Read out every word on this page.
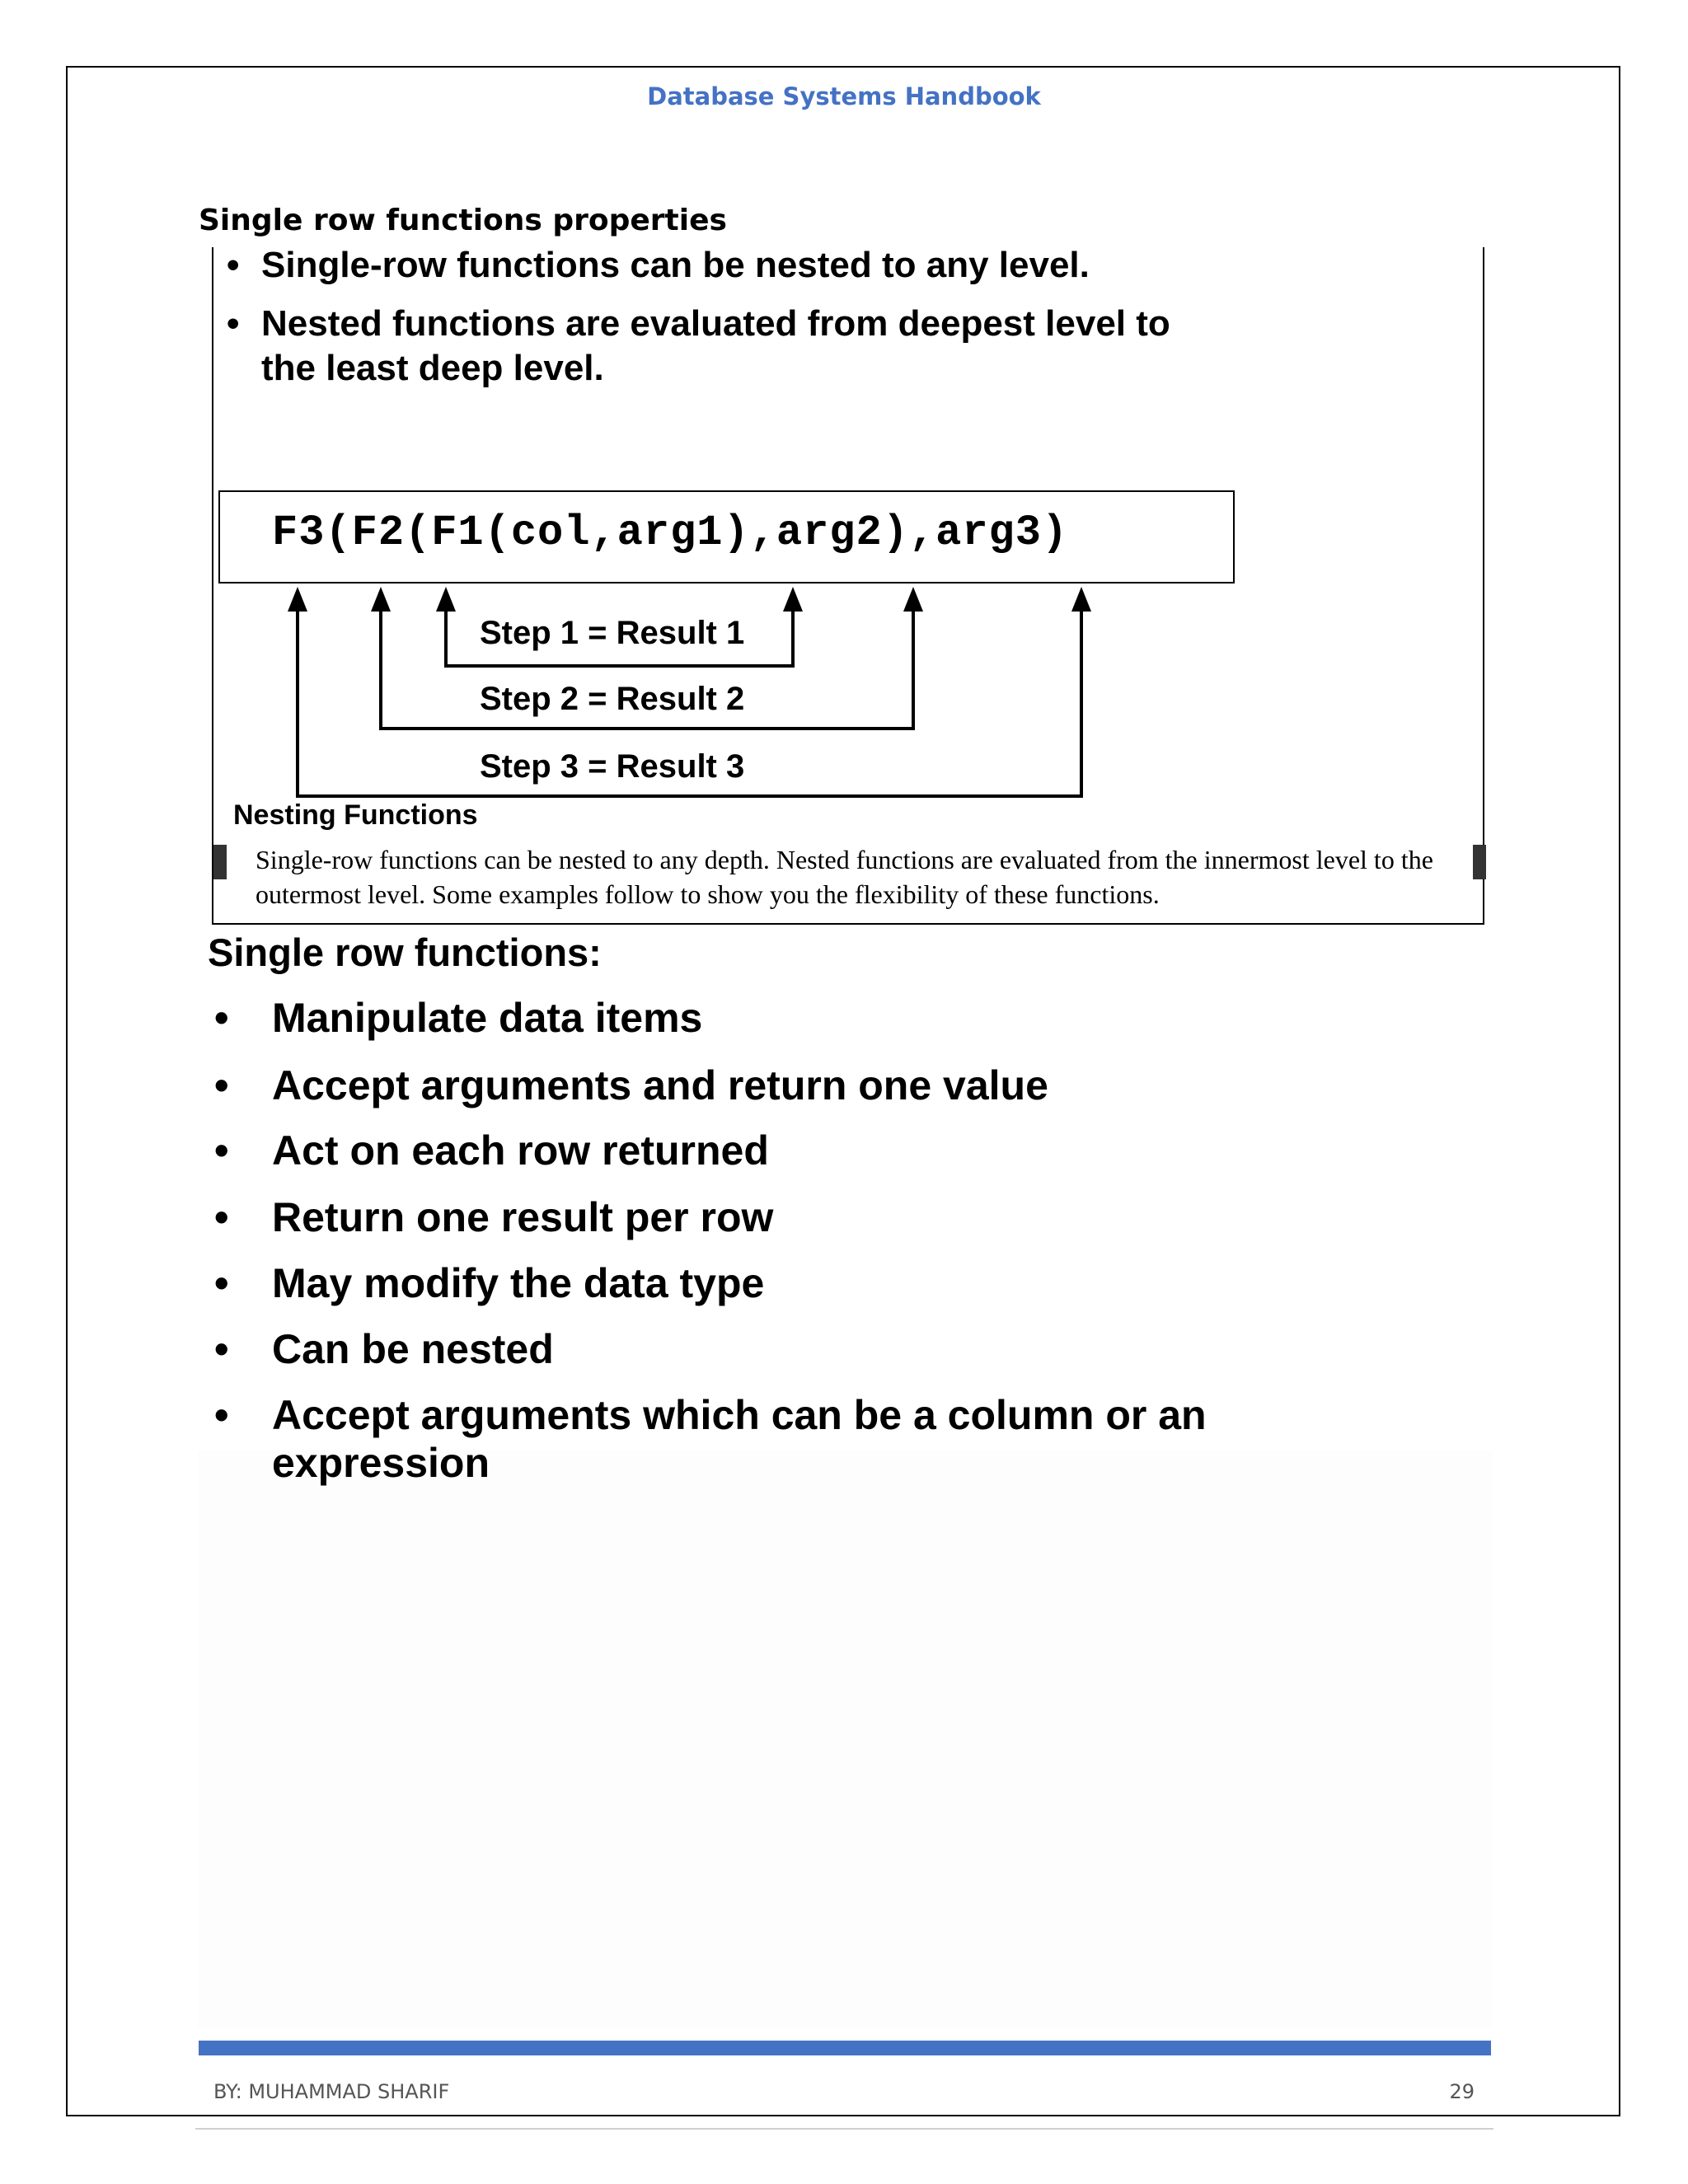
Database Systems Handbook
Single row functions properties
• Single-row functions can be nested to any level.
• Nested functions are evaluated from deepest level to the least deep level.
F3(F2(F1(col,arg1),arg2),arg3)
Step 1 = Result 1
Step 2 = Result 2
Step 3 = Result 3
Nesting Functions
Single-row functions can be nested to any depth. Nested functions are evaluated from the innermost level to the outermost level. Some examples follow to show you the flexibility of these functions.
Single row functions:
•	Manipulate data items
•	Accept arguments and return one value
•	Act on each row returned
•	Return one result per row
•	May modify the data type
•	Can be nested
•	Accept arguments which can be a column or an expression
BY: MUHAMMAD SHARIF	29
